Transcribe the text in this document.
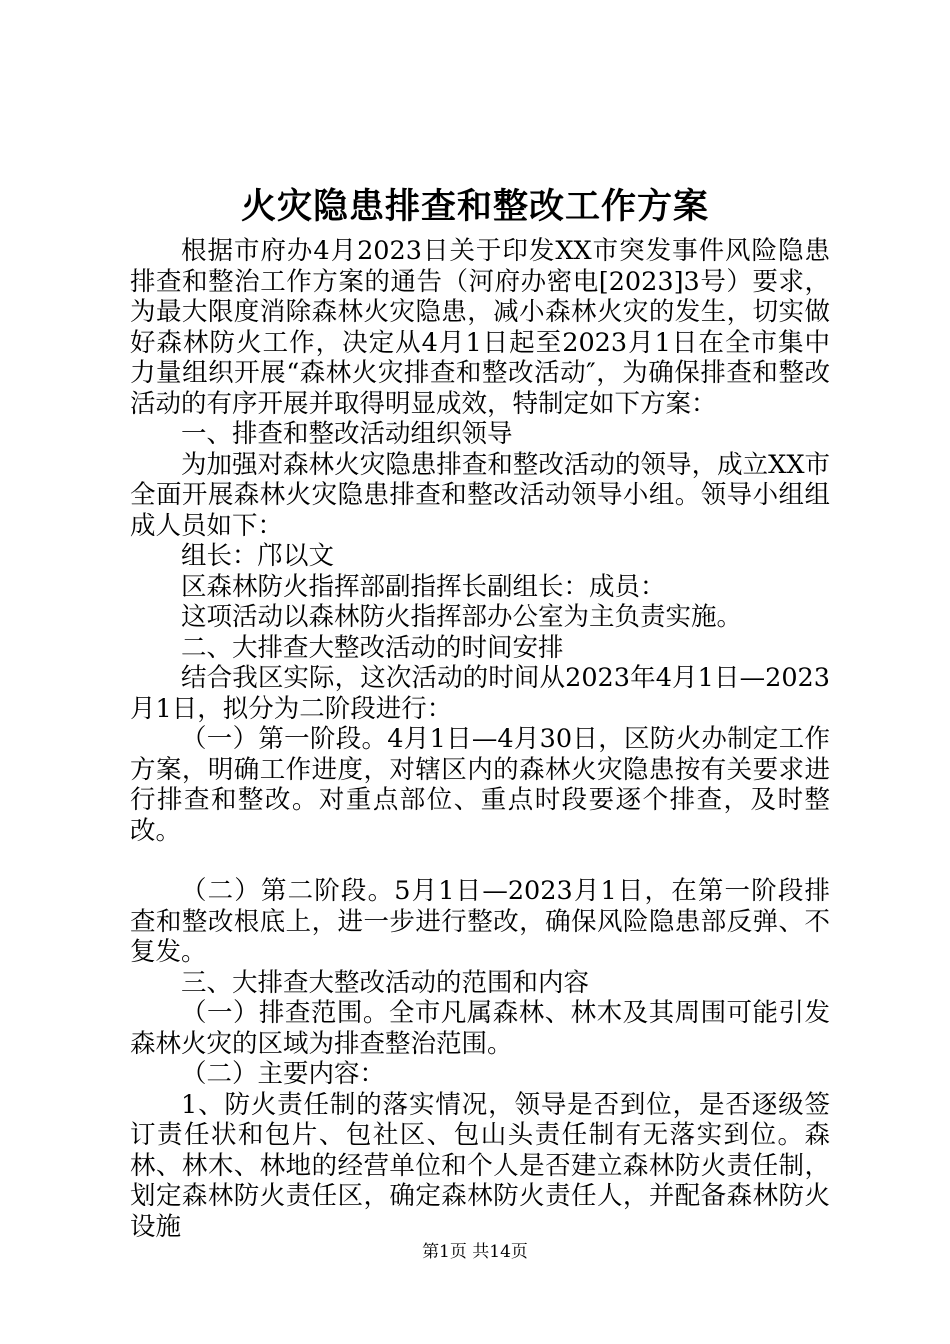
火灾隐患排查和整改工作方案

根据市府办4月2023日关于印发XX市突发事件风险隐患排查和整治工作方案的通告（河府办密电[2023]3号）要求，为最大限度消除森林火灾隐患，减小森林火灾的发生，切实做好森林防火工作，决定从4月1日起至2023月1日在全市集中力量组织开展“森林火灾排查和整改活动″，为确保排查和整改活动的有序开展并取得明显成效，特制定如下方案：

一、排查和整改活动组织领导

为加强对森林火灾隐患排查和整改活动的领导，成立XX市全面开展森林火灾隐患排查和整改活动领导小组。领导小组组成人员如下：

组长：邝以文

区森林防火指挥部副指挥长副组长：成员：

这项活动以森林防火指挥部办公室为主负责实施。

二、大排查大整改活动的时间安排

结合我区实际，这次活动的时间从2023年4月1日—2023月1日，拟分为二阶段进行：

（一）第一阶段。4月1日—4月30日，区防火办制定工作方案，明确工作进度，对辖区内的森林火灾隐患按有关要求进行排查和整改。对重点部位、重点时段要逐个排查，及时整改。

（二）第二阶段。5月1日—2023月1日，在第一阶段排查和整改根底上，进一步进行整改，确保风险隐患部反弹、不复发。

三、大排查大整改活动的范围和内容

（一）排查范围。全市凡属森林、林木及其周围可能引发森林火灾的区域为排查整治范围。

（二）主要内容：

1、防火责任制的落实情况，领导是否到位，是否逐级签订责任状和包片、包社区、包山头责任制有无落实到位。森林、林木、林地的经营单位和个人是否建立森林防火责任制，划定森林防火责任区，确定森林防火责任人，并配备森林防火设施

第1页 共14页
